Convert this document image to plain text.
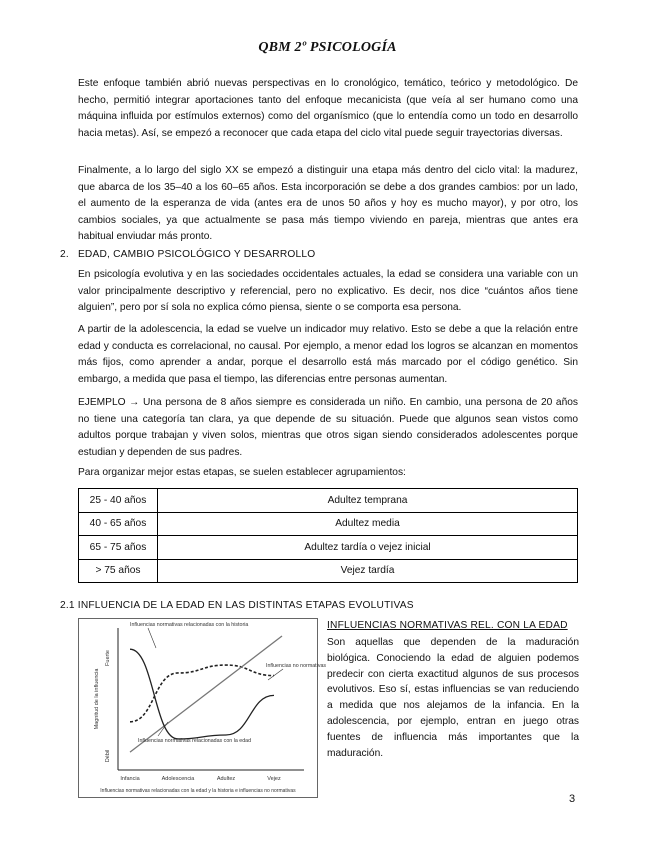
QBM 2º PSICOLOGÍA

Este enfoque también abrió nuevas perspectivas en lo cronológico, temático, teórico y metodológico. De hecho, permitió integrar aportaciones tanto del enfoque mecanicista (que veía al ser humano como una máquina influida por estímulos externos) como del organísmico (que lo entendía como un todo en desarrollo hacia metas). Así, se empezó a reconocer que cada etapa del ciclo vital puede seguir trayectorias diversas.

Finalmente, a lo largo del siglo XX se empezó a distinguir una etapa más dentro del ciclo vital: la madurez, que abarca de los 35–40 a los 60–65 años. Esta incorporación se debe a dos grandes cambios: por un lado, el aumento de la esperanza de vida (antes era de unos 50 años y hoy es mucho mayor), y por otro, los cambios sociales, ya que actualmente se pasa más tiempo viviendo en pareja, mientras que antes era habitual enviudar más pronto.

2. EDAD, CAMBIO PSICOLÓGICO Y DESARROLLO

En psicología evolutiva y en las sociedades occidentales actuales, la edad se considera una variable con un valor principalmente descriptivo y referencial, pero no explicativo. Es decir, nos dice “cuántos años tiene alguien”, pero por sí sola no explica cómo piensa, siente o se comporta esa persona.

A partir de la adolescencia, la edad se vuelve un indicador muy relativo. Esto se debe a que la relación entre edad y conducta es correlacional, no causal. Por ejemplo, a menor edad los logros se alcanzan en momentos más fijos, como aprender a andar, porque el desarrollo está más marcado por el código genético. Sin embargo, a medida que pasa el tiempo, las diferencias entre personas aumentan.

EJEMPLO → Una persona de 8 años siempre es considerada un niño. En cambio, una persona de 20 años no tiene una categoría tan clara, ya que depende de su situación. Puede que algunos sean vistos como adultos porque trabajan y viven solos, mientras que otros sigan siendo considerados adolescentes porque estudian y dependen de sus padres.

Para organizar mejor estas etapas, se suelen establecer agrupamientos:

25 - 40 años	Adultez temprana
40 - 65 años	Adultez media
65 - 75 años	Adultez tardía o vejez inicial
> 75 años	Vejez tardía
2.1 INFLUENCIA DE LA EDAD EN LAS DISTINTAS ETAPAS EVOLUTIVAS
Magnitud de la influencia
Fuerte
Débil
Infancia	Adolescencia	Adultez	Vejez
Influencias normativas relacionadas con la historia
Influencias no normativas
Influencias normativas relacionadas con la edad
Influencias normativas relacionadas con la edad y la historia e influencias no normativas
INFLUENCIAS NORMATIVAS REL. CON LA EDAD

Son aquellas que dependen de la maduración biológica. Conociendo la edad de alguien podemos predecir con cierta exactitud algunos de sus procesos evolutivos. Eso sí, estas influencias se van reduciendo a medida que nos alejamos de la infancia. En la adolescencia, por ejemplo, entran en juego otras fuentes de influencia más importantes que la maduración.

3
